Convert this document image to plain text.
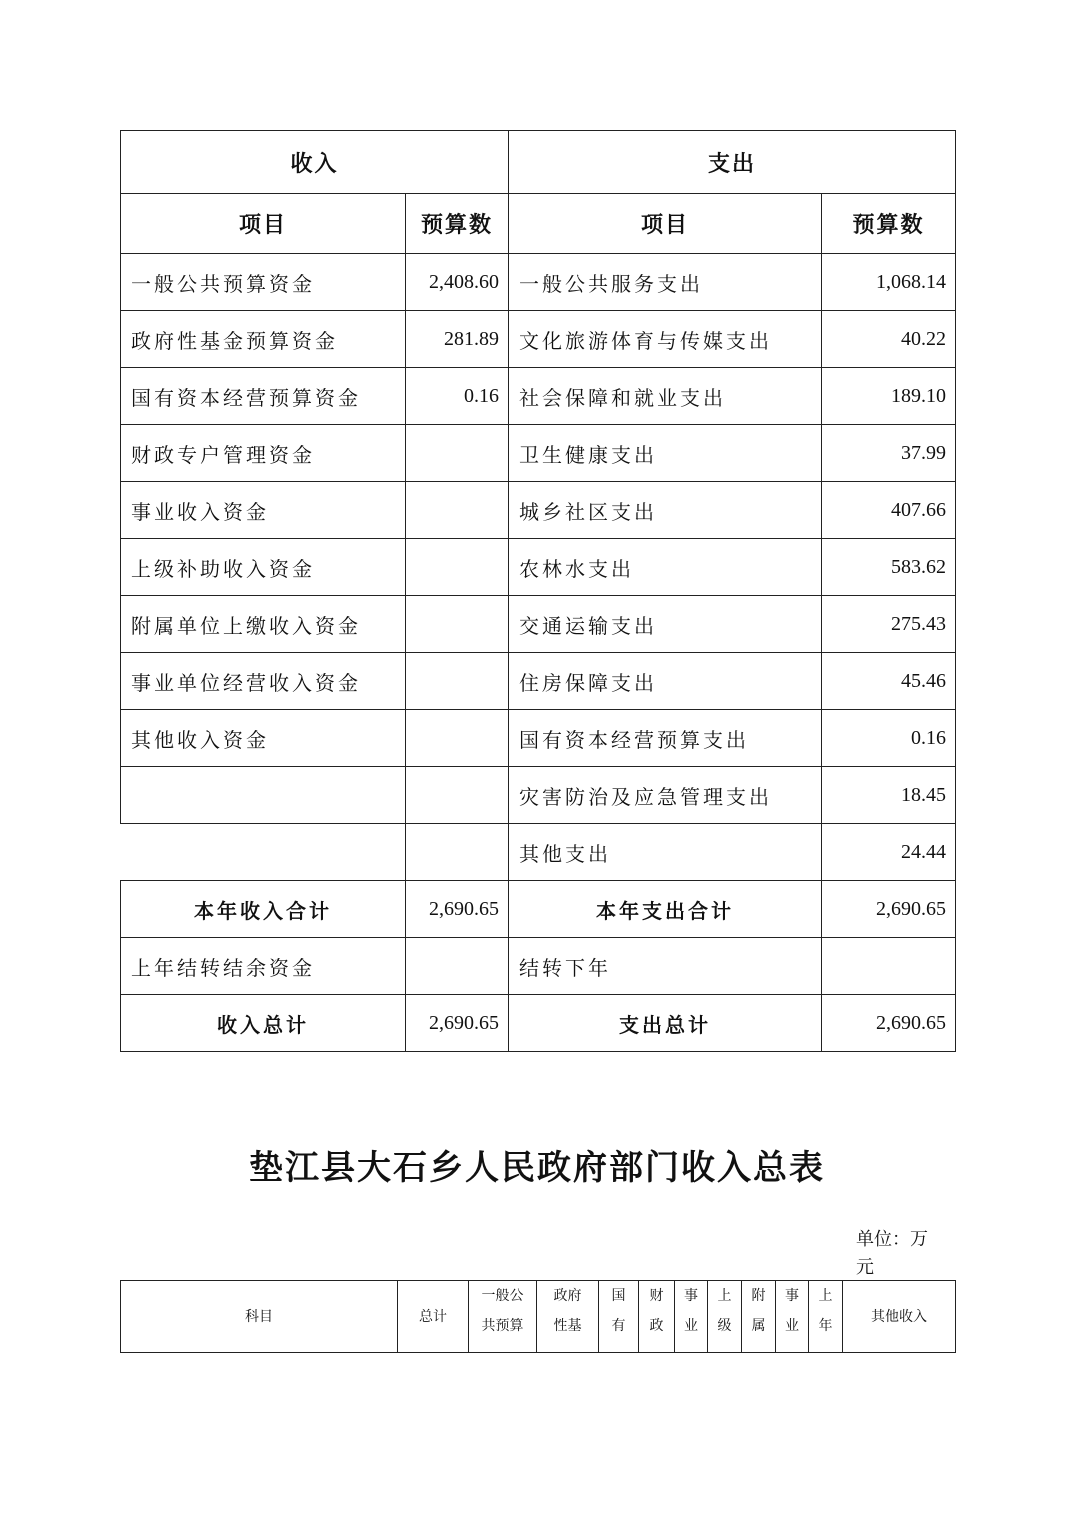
收入		支出	
项目	预算数	项目	预算数
一般公共预算资金	2,408.60	一般公共服务支出	1,068.14
政府性基金预算资金	281.89	文化旅游体育与传媒支出	40.22
国有资本经营预算资金	0.16	社会保障和就业支出	189.10
财政专户管理资金		卫生健康支出	37.99
事业收入资金		城乡社区支出	407.66
上级补助收入资金		农林水支出	583.62
附属单位上缴收入资金		交通运输支出	275.43
事业单位经营收入资金		住房保障支出	45.46
其他收入资金		国有资本经营预算支出	0.16
		灾害防治及应急管理支出	18.45
		其他支出	24.44
本年收入合计	2,690.65	本年支出合计	2,690.65
上年结转结余资金		结转下年	
收入总计	2,690.65	支出总计	2,690.65
垫江县大石乡人民政府部门收入总表
单位：万元
科目	总计	一般公共预算	政府性基	国有	财政	事业	上级	附属	事业	上年	其他收入
